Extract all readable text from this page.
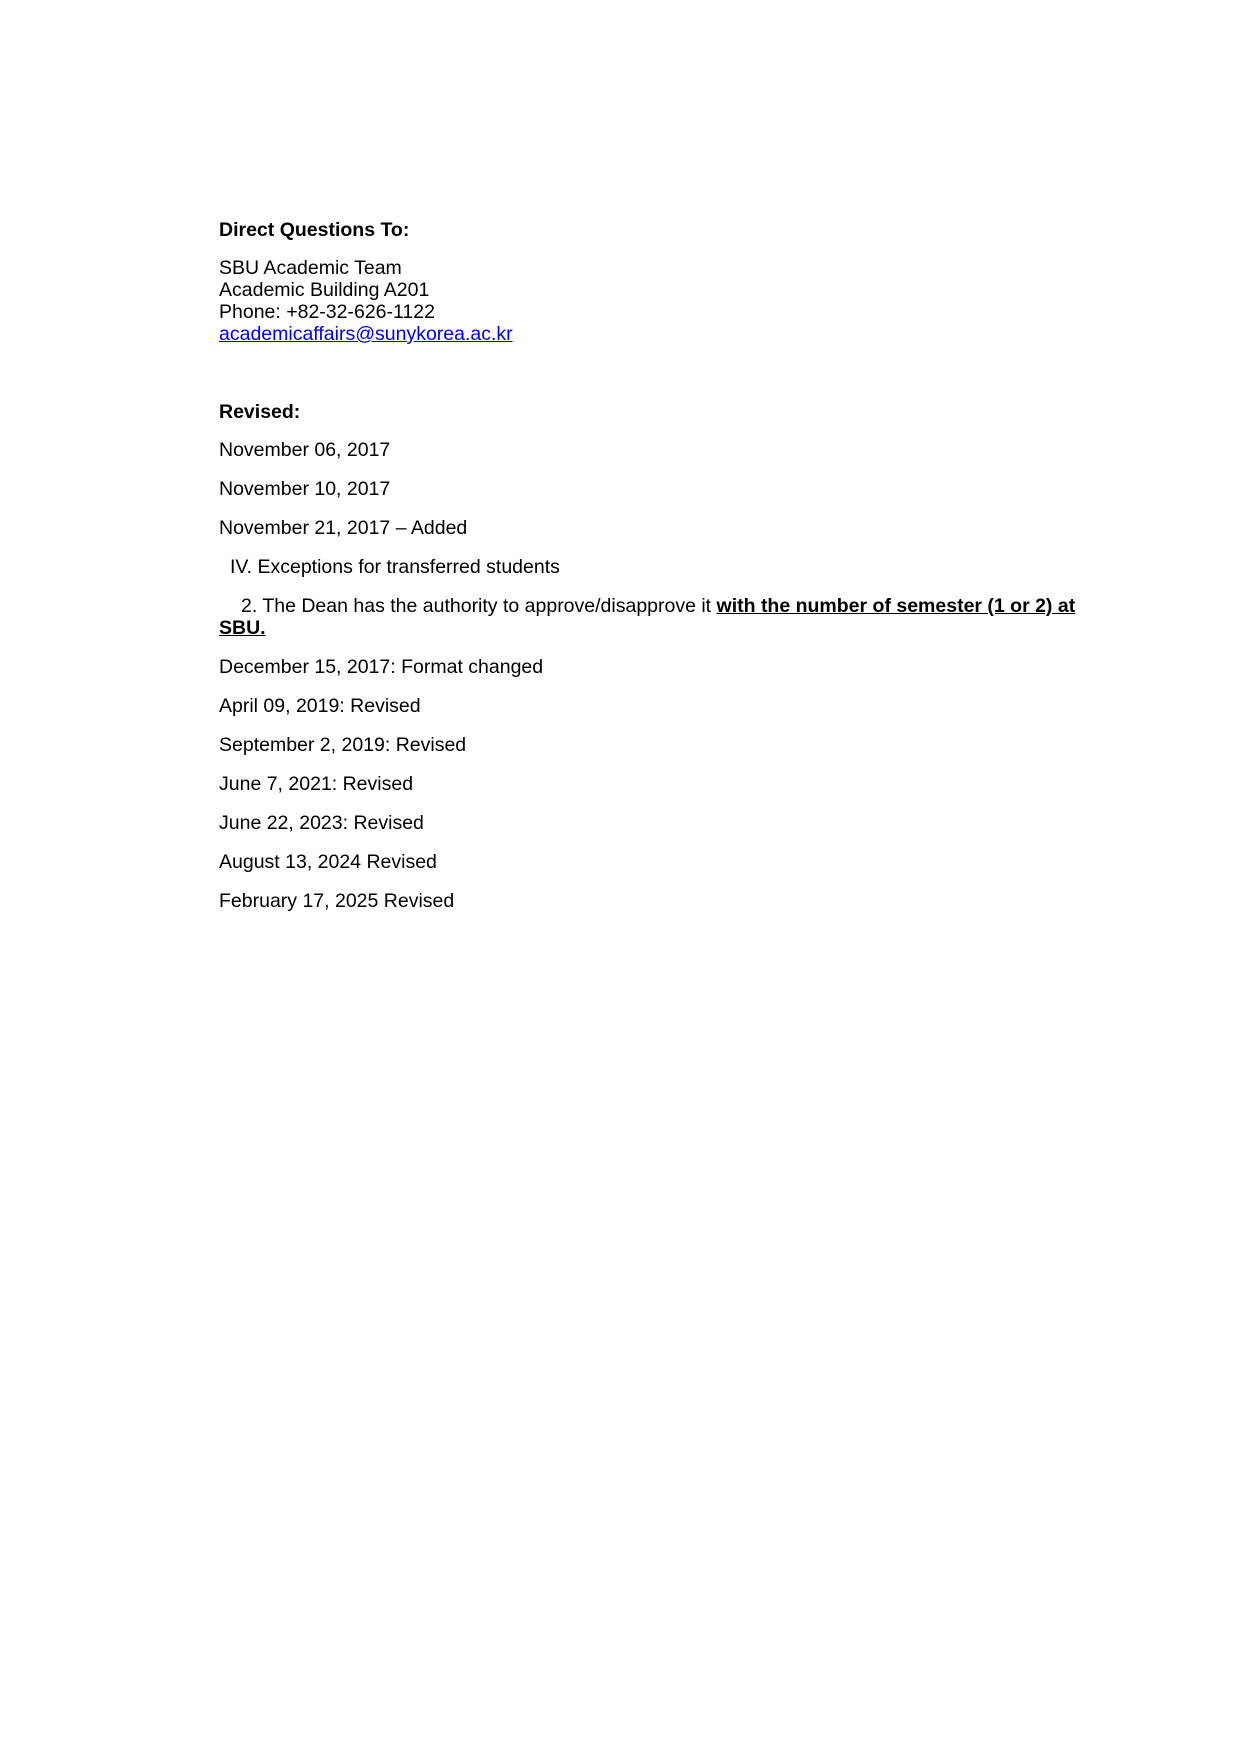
Direct Questions To:
SBU Academic Team
Academic Building A201
Phone: +82-32-626-1122
academicaffairs@sunykorea.ac.kr
Revised:
November 06, 2017
November 10, 2017
November 21, 2017 – Added
IV. Exceptions for transferred students
2. The Dean has the authority to approve/disapprove it with the number of semester (1 or 2) at SBU.
December 15, 2017: Format changed
April 09, 2019: Revised
September 2, 2019: Revised
June 7, 2021: Revised
June 22, 2023: Revised
August 13, 2024 Revised
February 17, 2025 Revised
